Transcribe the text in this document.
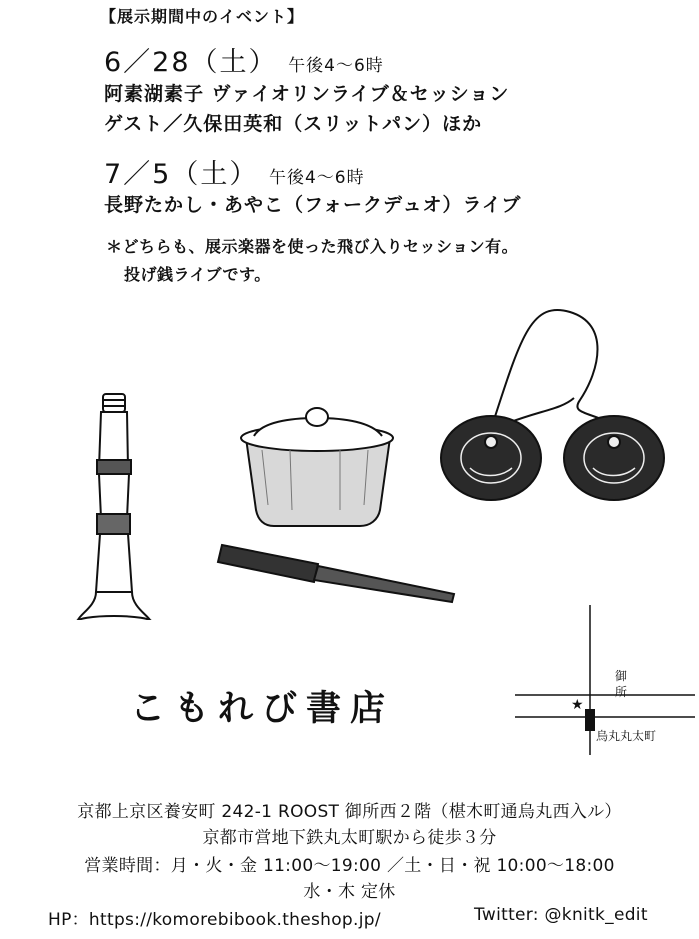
【展示期間中のイベント】
6／28（土） 午後4～6時
阿素湖素子 ヴァイオリンライブ＆セッション
ゲスト／久保田英和（スリットパン）ほか
7／5（土） 午後4～6時
長野たかし・あやこ（フォークデュオ）ライブ
＊どちらも、展示楽器を使った飛び入りセッション有。
投げ銭ライブです。
こもれび書店	★
御
所
烏丸丸太町
京都上京区養安町 242-1 ROOST 御所西２階（椹木町通烏丸西入ル）
京都市営地下鉄丸太町駅から徒歩３分
営業時間：月・火・金 11:00～19:00 ／土・日・祝 10:00～18:00
水・木 定休
HP：https://komorebibook.theshop.jp/	Twitter: @knitk_edit
